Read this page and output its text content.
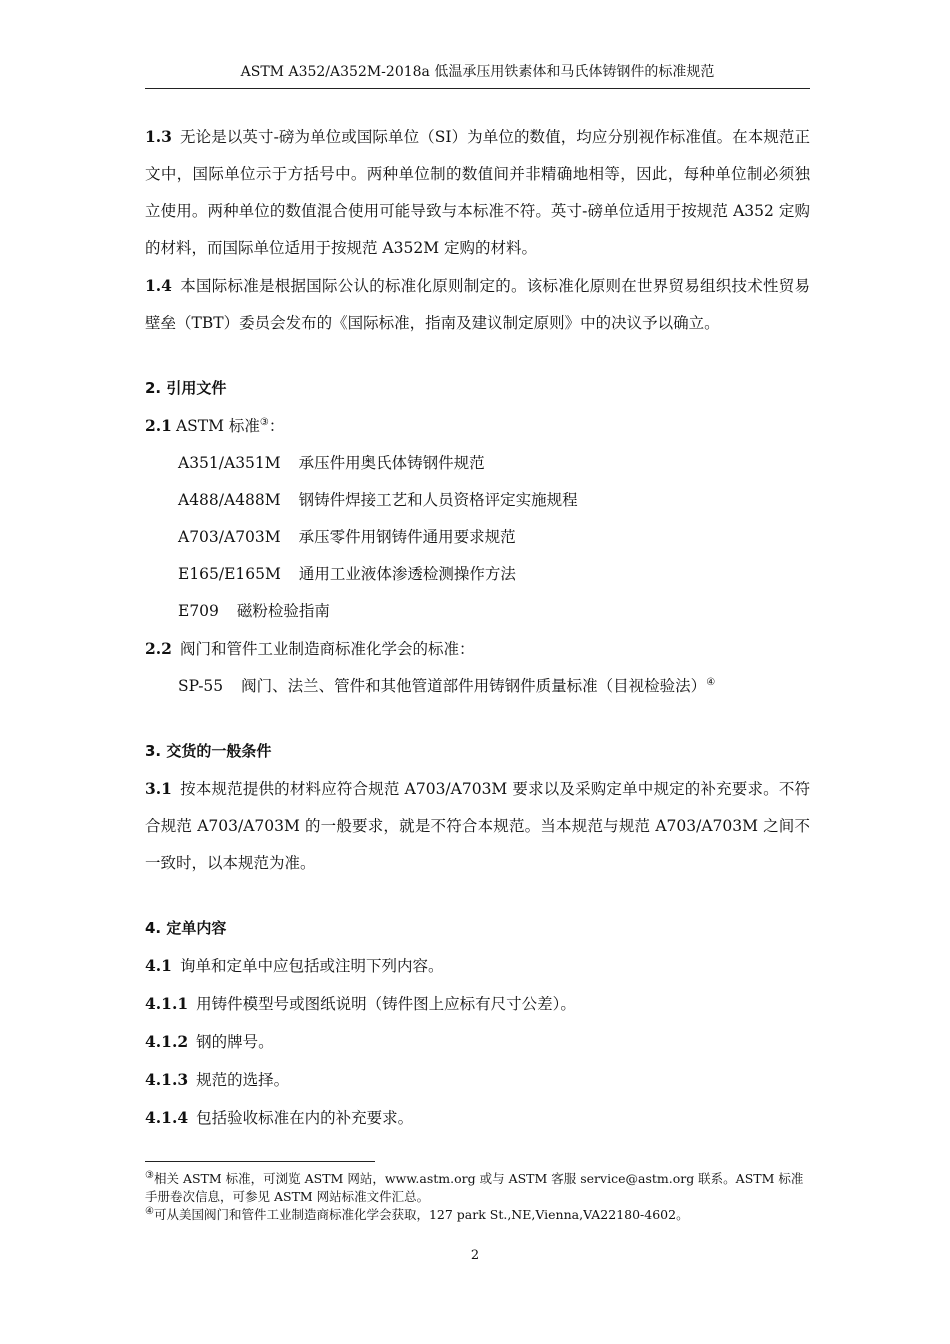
ASTM A352/A352M-2018a 低温承压用铁素体和马氏体铸钢件的标准规范

1.3 无论是以英寸-磅为单位或国际单位（SI）为单位的数值，均应分别视作标准值。在本规范正文中，国际单位示于方括号中。两种单位制的数值间并非精确地相等，因此，每种单位制必须独立使用。两种单位的数值混合使用可能导致与本标准不符。英寸-磅单位适用于按规范 A352 定购的材料，而国际单位适用于按规范 A352M 定购的材料。

1.4 本国际标准是根据国际公认的标准化原则制定的。该标准化原则在世界贸易组织技术性贸易壁垒（TBT）委员会发布的《国际标准，指南及建议制定原则》中的决议予以确立。

2. 引用文件

2.1 ASTM 标准③：

A351/A351M 承压件用奥氏体铸钢件规范

A488/A488M 钢铸件焊接工艺和人员资格评定实施规程

A703/A703M 承压零件用钢铸件通用要求规范

E165/E165M 通用工业液体渗透检测操作方法

E709 磁粉检验指南

2.2 阀门和管件工业制造商标准化学会的标准：

SP-55 阀门、法兰、管件和其他管道部件用铸钢件质量标准（目视检验法）④

3. 交货的一般条件

3.1 按本规范提供的材料应符合规范 A703/A703M 要求以及采购定单中规定的补充要求。不符合规范 A703/A703M 的一般要求，就是不符合本规范。当本规范与规范 A703/A703M 之间不一致时，以本规范为准。

4. 定单内容

4.1 询单和定单中应包括或注明下列内容。

4.1.1 用铸件模型号或图纸说明（铸件图上应标有尺寸公差）。

4.1.2 钢的牌号。

4.1.3 规范的选择。

4.1.4 包括验收标准在内的补充要求。

③相关 ASTM 标准，可浏览 ASTM 网站，www.astm.org 或与 ASTM 客服 service@astm.org 联系。ASTM 标准手册卷次信息，可参见 ASTM 网站标准文件汇总。

④可从美国阀门和管件工业制造商标准化学会获取，127 park St.,NE,Vienna,VA22180-4602。

2
